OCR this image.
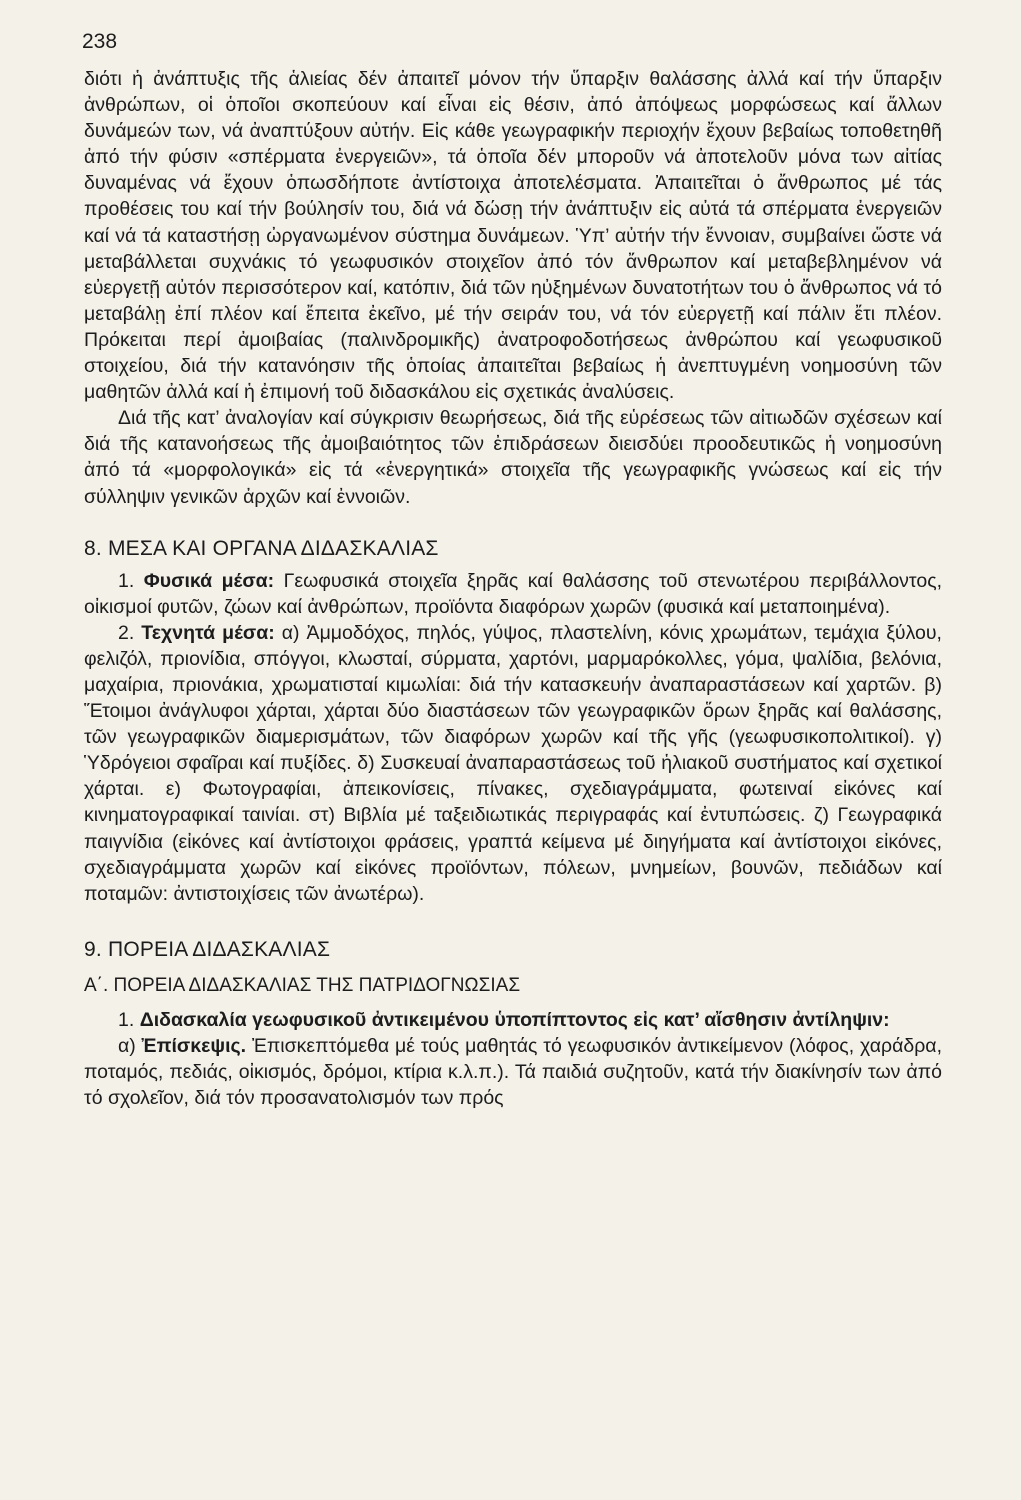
238

διότι ἡ ἀνάπτυξις τῆς ἁλιείας δέν ἀπαιτεῖ μόνον τήν ὕπαρξιν θαλάσσης ἀλλά καί τήν ὕπαρξιν ἀνθρώπων, οἱ ὁποῖοι σκοπεύουν καί εἶναι εἰς θέσιν, ἀπό ἀπόψεως μορφώσεως καί ἄλλων δυνάμεών των, νά ἀναπτύξουν αὐτήν. Εἰς κάθε γεωγραφικήν περιοχήν ἔχουν βεβαίως τοποθετηθῆ ἀπό τήν φύσιν «σπέρματα ἐνεργειῶν», τά ὁποῖα δέν μποροῦν νά ἀποτελοῦν μόνα των αἰτίας δυναμένας νά ἔχουν ὁπωσδήποτε ἀντίστοιχα ἀποτελέσματα. Ἀπαιτεῖται ὁ ἄνθρωπος μέ τάς προθέσεις του καί τήν βούλησίν του, διά νά δώσῃ τήν ἀνάπτυξιν εἰς αὐτά τά σπέρματα ἐνεργειῶν καί νά τά καταστήσῃ ὠργανωμένον σύστημα δυνάμεων. Ὑπ’ αὐτήν τήν ἔννοιαν, συμβαίνει ὥστε νά μεταβάλλεται συχνάκις τό γεωφυσικόν στοιχεῖον ἀπό τόν ἄνθρωπον καί μεταβεβλημένον νά εὐεργετῇ αὐτόν περισσότερον καί, κατόπιν, διά τῶν ηὐξημένων δυνατοτήτων του ὁ ἄνθρωπος νά τό μεταβάλῃ ἐπί πλέον καί ἔπειτα ἐκεῖνο, μέ τήν σειράν του, νά τόν εὐεργετῇ καί πάλιν ἔτι πλέον. Πρόκειται περί ἀμοιβαίας (παλινδρομικῆς) ἀνατροφοδοτήσεως ἀνθρώπου καί γεωφυσικοῦ στοιχείου, διά τήν κατανόησιν τῆς ὁποίας ἀπαιτεῖται βεβαίως ἡ ἀνεπτυγμένη νοημοσύνη τῶν μαθητῶν ἀλλά καί ἡ ἐπιμονή τοῦ διδασκάλου εἰς σχετικάς ἀναλύσεις.

Διά τῆς κατ’ ἀναλογίαν καί σύγκρισιν θεωρήσεως, διά τῆς εὑρέσεως τῶν αἰτιωδῶν σχέσεων καί διά τῆς κατανοήσεως τῆς ἀμοιβαιότητος τῶν ἐπιδράσεων διεισδύει προοδευτικῶς ἡ νοημοσύνη ἀπό τά «μορφολογικά» εἰς τά «ἐνεργητικά» στοιχεῖα τῆς γεωγραφικῆς γνώσεως καί εἰς τήν σύλληψιν γενικῶν ἀρχῶν καί ἐννοιῶν.

8. ΜΕΣΑ ΚΑΙ ΟΡΓΑΝΑ ΔΙΔΑΣΚΑΛΙΑΣ

1. Φυσικά μέσα: Γεωφυσικά στοιχεῖα ξηρᾶς καί θαλάσσης τοῦ στενωτέρου περιβάλλοντος, οἰκισμοί φυτῶν, ζώων καί ἀνθρώπων, προϊόντα διαφόρων χωρῶν (φυσικά καί μεταποιημένα).

2. Τεχνητά μέσα: α) Ἀμμοδόχος, πηλός, γύψος, πλαστελίνη, κόνις χρωμάτων, τεμάχια ξύλου, φελιζόλ, πριονίδια, σπόγγοι, κλωσταί, σύρματα, χαρτόνι, μαρμαρόκολλες, γόμα, ψαλίδια, βελόνια, μαχαίρια, πριονάκια, χρωματισταί κιμωλίαι: διά τήν κατασκευήν ἀναπαραστάσεων καί χαρτῶν. β) Ἕτοιμοι ἀνάγλυφοι χάρται, χάρται δύο διαστάσεων τῶν γεωγραφικῶν ὅρων ξηρᾶς καί θαλάσσης, τῶν γεωγραφικῶν διαμερισμάτων, τῶν διαφόρων χωρῶν καί τῆς γῆς (γεωφυσικοπολιτικοί). γ) Ὑδρόγειοι σφαῖραι καί πυξίδες. δ) Συσκευαί ἀναπαραστάσεως τοῦ ἡλιακοῦ συστήματος καί σχετικοί χάρται. ε) Φωτογραφίαι, ἀπεικονίσεις, πίνακες, σχεδιαγράμματα, φωτειναί εἰκόνες καί κινηματογραφικαί ταινίαι. στ) Βιβλία μέ ταξειδιωτικάς περιγραφάς καί ἐντυπώσεις. ζ) Γεωγραφικά παιγνίδια (εἰκόνες καί ἀντίστοιχοι φράσεις, γραπτά κείμενα μέ διηγήματα καί ἀντίστοιχοι εἰκόνες, σχεδιαγράμματα χωρῶν καί εἰκόνες προϊόντων, πόλεων, μνημείων, βουνῶν, πεδιάδων καί ποταμῶν: ἀντιστοιχίσεις τῶν ἀνωτέρω).

9. ΠΟΡΕΙΑ ΔΙΔΑΣΚΑΛΙΑΣ
Α΄. ΠΟΡΕΙΑ ΔΙΔΑΣΚΑΛΙΑΣ ΤΗΣ ΠΑΤΡΙΔΟΓΝΩΣΙΑΣ

1. Διδασκαλία γεωφυσικοῦ ἀντικειμένου ὑποπίπτοντος εἰς κατ’ αἴσθησιν ἀντίληψιν:

α) Ἐπίσκεψις. Ἐπισκεπτόμεθα μέ τούς μαθητάς τό γεωφυσικόν ἀντικείμενον (λόφος, χαράδρα, ποταμός, πεδιάς, οἰκισμός, δρόμοι, κτίρια κ.λ.π.). Τά παιδιά συζητοῦν, κατά τήν διακίνησίν των ἀπό τό σχολεῖον, διά τόν προσανατολισμόν των πρός
